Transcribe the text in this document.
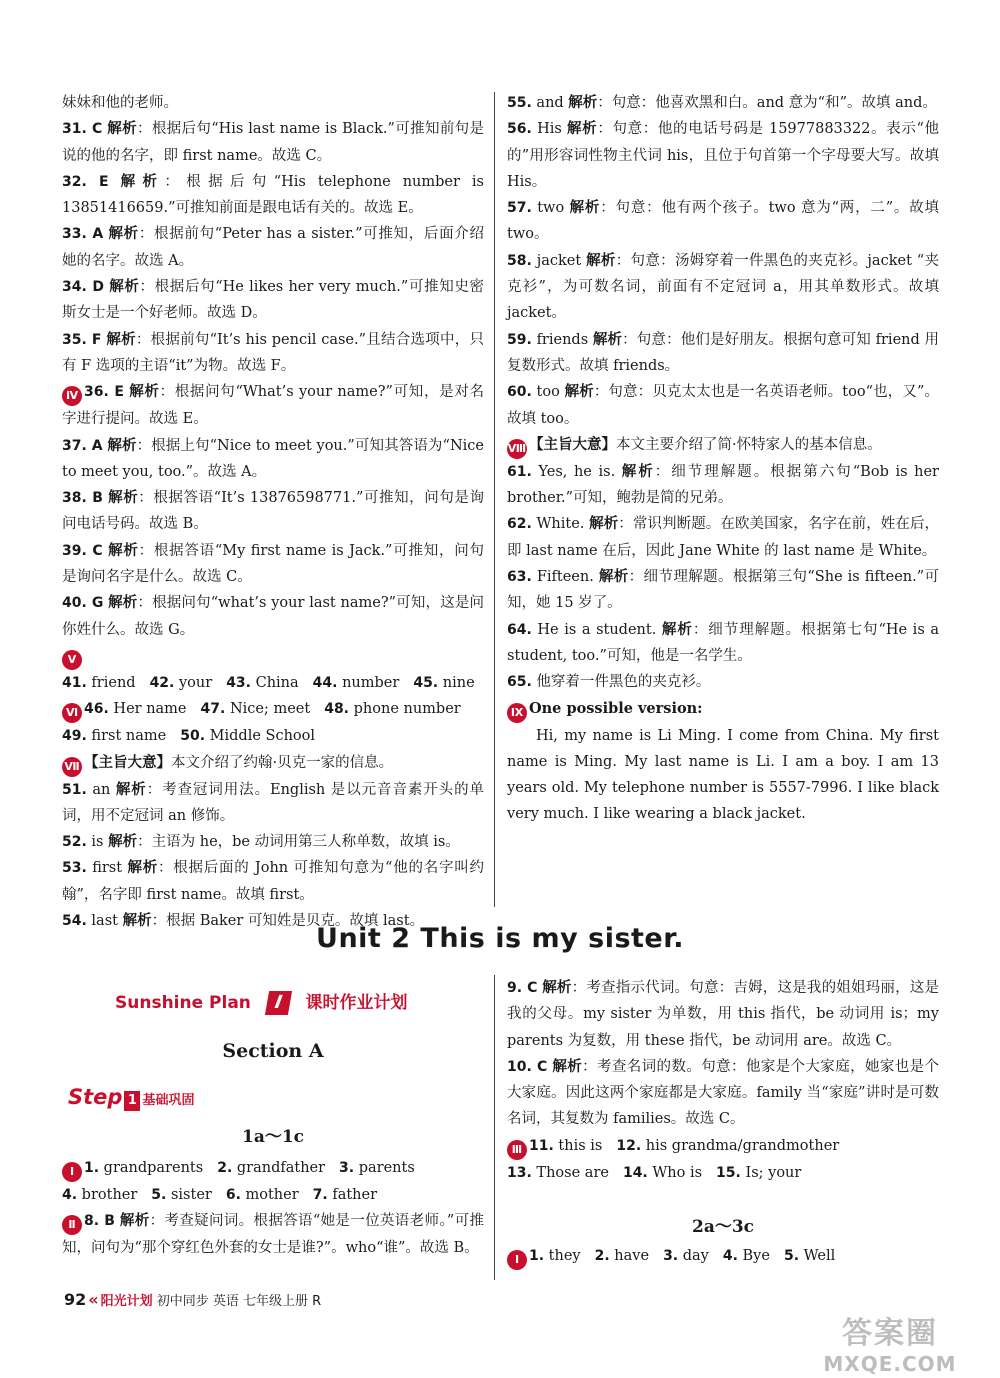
妹妹和他的老师。

31. C 解析：根据后句“His last name is Black.”可推知前句是说的他的名字，即 first name。故选 C。

32. E 解析：根据后句“His telephone number is 13851416659.”可推知前面是跟电话有关的。故选 E。

33. A 解析：根据前句“Peter has a sister.”可推知，后面介绍她的名字。故选 A。

34. D 解析：根据后句“He likes her very much.”可推知史密斯女士是一个好老师。故选 D。

35. F 解析：根据前句“It’s his pencil case.”且结合选项中，只有 F 选项的主语“it”为物。故选 F。

Ⅳ 36. E 解析：根据问句“What’s your name?”可知，是对名字进行提问。故选 E。

37. A 解析：根据上句“Nice to meet you.”可知其答语为“Nice to meet you, too.”。故选 A。

38. B 解析：根据答语“It’s 13876598771.”可推知，问句是询问电话号码。故选 B。

39. C 解析：根据答语“My first name is Jack.”可推知，问句是询问名字是什么。故选 C。

40. G 解析：根据问句“what’s your last name?”可知，这是问你姓什么。故选 G。

Ⅴ41. friend 42. your 43. China 44. number 45. nine

Ⅵ 46. Her name 47. Nice; meet 48. phone number

49. first name 50. Middle School

Ⅶ 【主旨大意】本文介绍了约翰·贝克一家的信息。

51. an 解析：考查冠词用法。English 是以元音音素开头的单词，用不定冠词 an 修饰。

52. is 解析：主语为 he，be 动词用第三人称单数，故填 is。

53. first 解析：根据后面的 John 可推知句意为“他的名字叫约翰”，名字即 first name。故填 first。

54. last 解析：根据 Baker 可知姓是贝克。故填 last。

55. and 解析：句意：他喜欢黑和白。and 意为“和”。故填 and。

56. His 解析：句意：他的电话号码是 15977883322。表示“他的”用形容词性物主代词 his，且位于句首第一个字母要大写。故填 His。

57. two 解析：句意：他有两个孩子。two 意为“两，二”。故填 two。

58. jacket 解析：句意：汤姆穿着一件黑色的夹克衫。jacket “夹克衫”，为可数名词，前面有不定冠词 a，用其单数形式。故填 jacket。

59. friends 解析：句意：他们是好朋友。根据句意可知 friend 用复数形式。故填 friends。

60. too 解析：句意：贝克太太也是一名英语老师。too“也，又”。故填 too。

Ⅷ 【主旨大意】本文主要介绍了简·怀特家人的基本信息。

61. Yes, he is. 解析：细节理解题。根据第六句“Bob is her brother.”可知，鲍勃是简的兄弟。

62. White. 解析：常识判断题。在欧美国家，名字在前，姓在后，即 last name 在后，因此 Jane White 的 last name 是 White。

63. Fifteen. 解析：细节理解题。根据第三句“She is fifteen.”可知，她 15 岁了。

64. He is a student. 解析：细节理解题。根据第七句“He is a student, too.”可知，他是一名学生。

65. 他穿着一件黑色的夹克衫。

Ⅸ One possible version:

Hi, my name is Li Ming. I come from China. My first name is Ming. My last name is Li. I am a boy. I am 13 years old. My telephone number is 5557-7996. I like black very much. I like wearing a black jacket.

Unit 2 This is my sister.
Sunshine Plan I 课时作业计划
Section A
Step 1 基础巩固
1a～1c

Ⅰ 1. grandparents 2. grandfather 3. parents

4. brother 5. sister 6. mother 7. father

Ⅱ 8. B 解析：考查疑问词。根据答语“她是一位英语老师。”可推知，问句为“那个穿红色外套的女士是谁?”。who“谁”。故选 B。

9. C 解析：考查指示代词。句意：吉姆，这是我的姐姐玛丽，这是我的父母。my sister 为单数，用 this 指代，be 动词用 is；my parents 为复数，用 these 指代，be 动词用 are。故选 C。

10. C 解析：考查名词的数。句意：他家是个大家庭，她家也是个大家庭。因此这两个家庭都是大家庭。family 当“家庭”讲时是可数名词，其复数为 families。故选 C。

Ⅲ 11. this is 12. his grandma/grandmother

13. Those are 14. Who is 15. Is; your

2a～3c

Ⅰ 1. they 2. have 3. day 4. Bye 5. Well

92 « 阳光计划 初中同步 英语 七年级上册 R
答案圈
MXQE.COM
